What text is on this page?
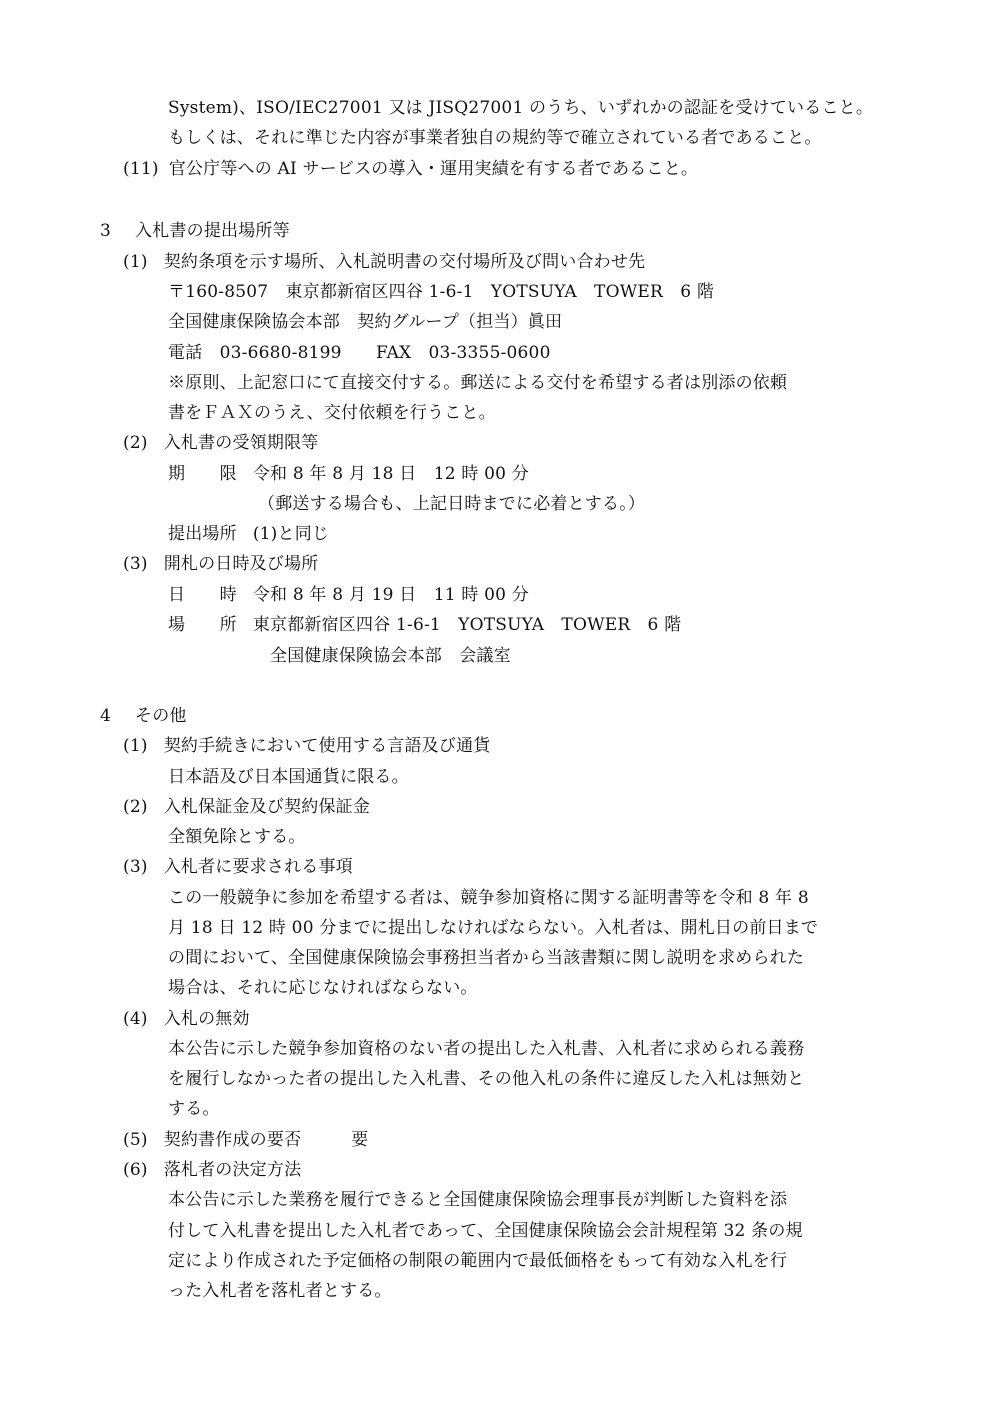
System)、ISO/IEC27001 又は JISQ27001 のうち、いずれかの認証を受けていること。
もしくは、それに準じた内容が事業者独自の規約等で確立されている者であること。
(11) 官公庁等への AI サービスの導入・運用実績を有する者であること。
3 入札書の提出場所等
(1) 契約条項を示す場所、入札説明書の交付場所及び問い合わせ先
〒160-8507　東京都新宿区四谷 1-6-1　YOTSUYA　TOWER　6 階
全国健康保険協会本部　契約グループ（担当）眞田
電話　03-6680-8199　　FAX　03-3355-0600
※原則、上記窓口にて直接交付する。郵送による交付を希望する者は別添の依頼
書をＦＡＸのうえ、交付依頼を行うこと。
(2) 入札書の受領期限等
期　　限 令和 8 年 8 月 18 日　12 時 00 分
（郵送する場合も、上記日時までに必着とする。）
提出場所 (1)と同じ
(3) 開札の日時及び場所
日　　時 令和 8 年 8 月 19 日　11 時 00 分
場　　所 東京都新宿区四谷 1-6-1　YOTSUYA　TOWER　6 階
全国健康保険協会本部　会議室
4 その他
(1) 契約手続きにおいて使用する言語及び通貨
日本語及び日本国通貨に限る。
(2) 入札保証金及び契約保証金
全額免除とする。
(3) 入札者に要求される事項
この一般競争に参加を希望する者は、競争参加資格に関する証明書等を令和 8 年 8
月 18 日 12 時 00 分までに提出しなければならない。入札者は、開札日の前日まで
の間において、全国健康保険協会事務担当者から当該書類に関し説明を求められた
場合は、それに応じなければならない。
(4) 入札の無効
本公告に示した競争参加資格のない者の提出した入札書、入札者に求められる義務
を履行しなかった者の提出した入札書、その他入札の条件に違反した入札は無効と
する。
(5) 契約書作成の要否	要
(6) 落札者の決定方法
本公告に示した業務を履行できると全国健康保険協会理事長が判断した資料を添
付して入札書を提出した入札者であって、全国健康保険協会会計規程第 32 条の規
定により作成された予定価格の制限の範囲内で最低価格をもって有効な入札を行
った入札者を落札者とする。
